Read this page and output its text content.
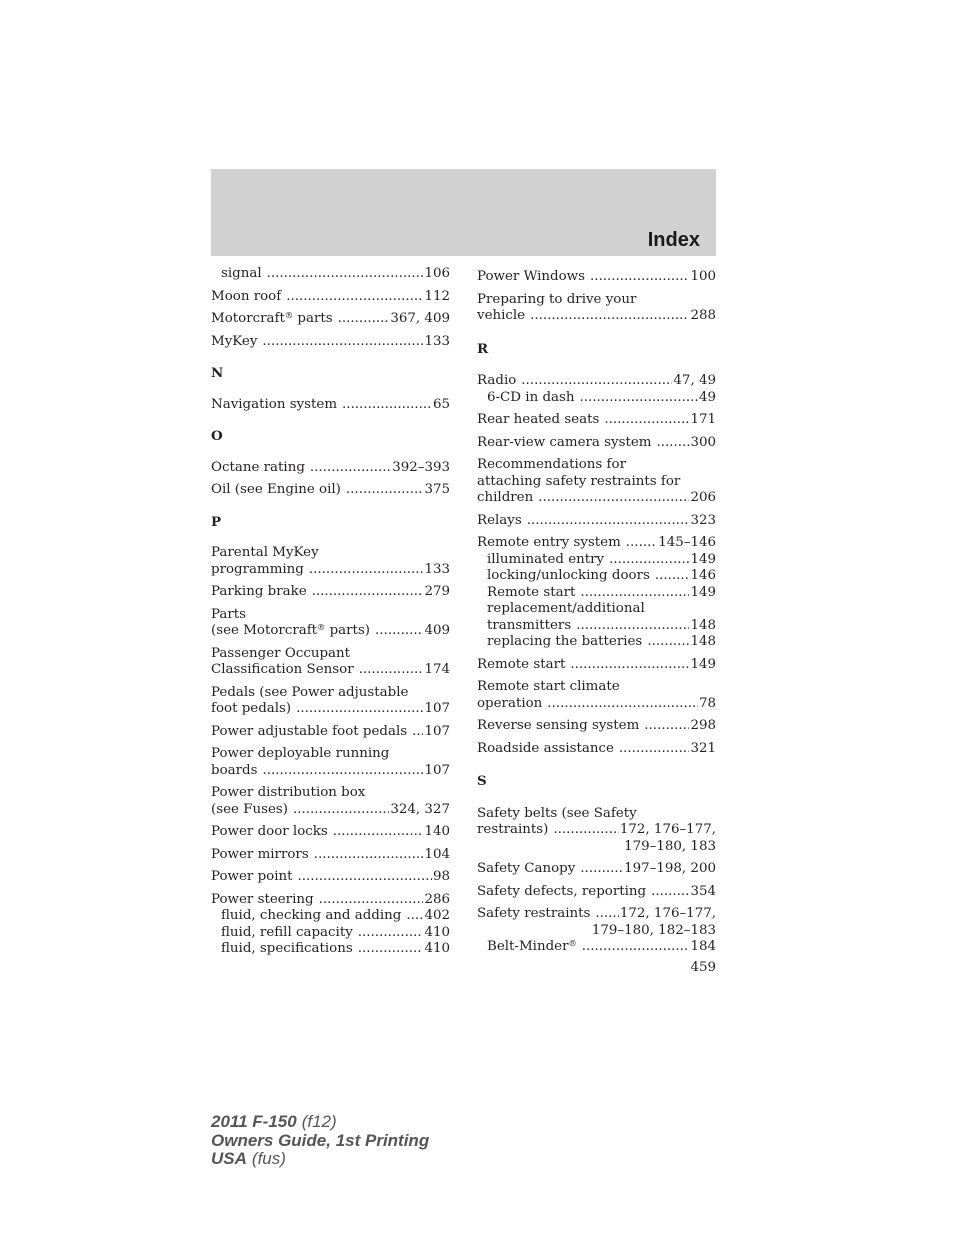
Index
signal .....	106
Moon roof .....	112
Motorcraft® parts .....	367, 409
MyKey .....	133
N
Navigation system .....	65
O
Octane rating .....	392–393
Oil (see Engine oil) .....	375
P
Parental MyKey
programming .....	133
Parking brake .....	279
Parts
(see Motorcraft® parts) .....	409
Passenger Occupant
Classification Sensor .....	174
Pedals (see Power adjustable
foot pedals) .....	107
Power adjustable foot pedals ..... 107
Power deployable running
boards .....	107
Power distribution box
(see Fuses) .....	324, 327
Power door locks .....	140
Power mirrors .....	104
Power point .....	98
Power steering .....	286
fluid, checking and adding ..... 402
fluid, refill capacity .....	410
fluid, specifications .....	410
Power Windows .....	100
Preparing to drive your
vehicle .....	288
R
Radio .....	47, 49
6-CD in dash .....	49
Rear heated seats .....	171
Rear-view camera system .....	300
Recommendations for
attaching safety restraints for
children .....	206
Relays .....	323
Remote entry system .....	145–146
illuminated entry .....	149
locking/unlocking doors .....	146
Remote start .....	149
replacement/additional
transmitters .....	148
replacing the batteries .....	148
Remote start .....	149
Remote start climate
operation .....	78
Reverse sensing system .....	298
Roadside assistance .....	321
S
Safety belts (see Safety
restraints) .....	172, 176–177,
179–180, 183
Safety Canopy .....	197–198, 200
Safety defects, reporting .....	354
Safety restraints ..... 172, 176–177,
179–180, 182–183
Belt-Minder® .....	184
459
2011 F-150 (f12)
Owners Guide, 1st Printing
USA (fus)
